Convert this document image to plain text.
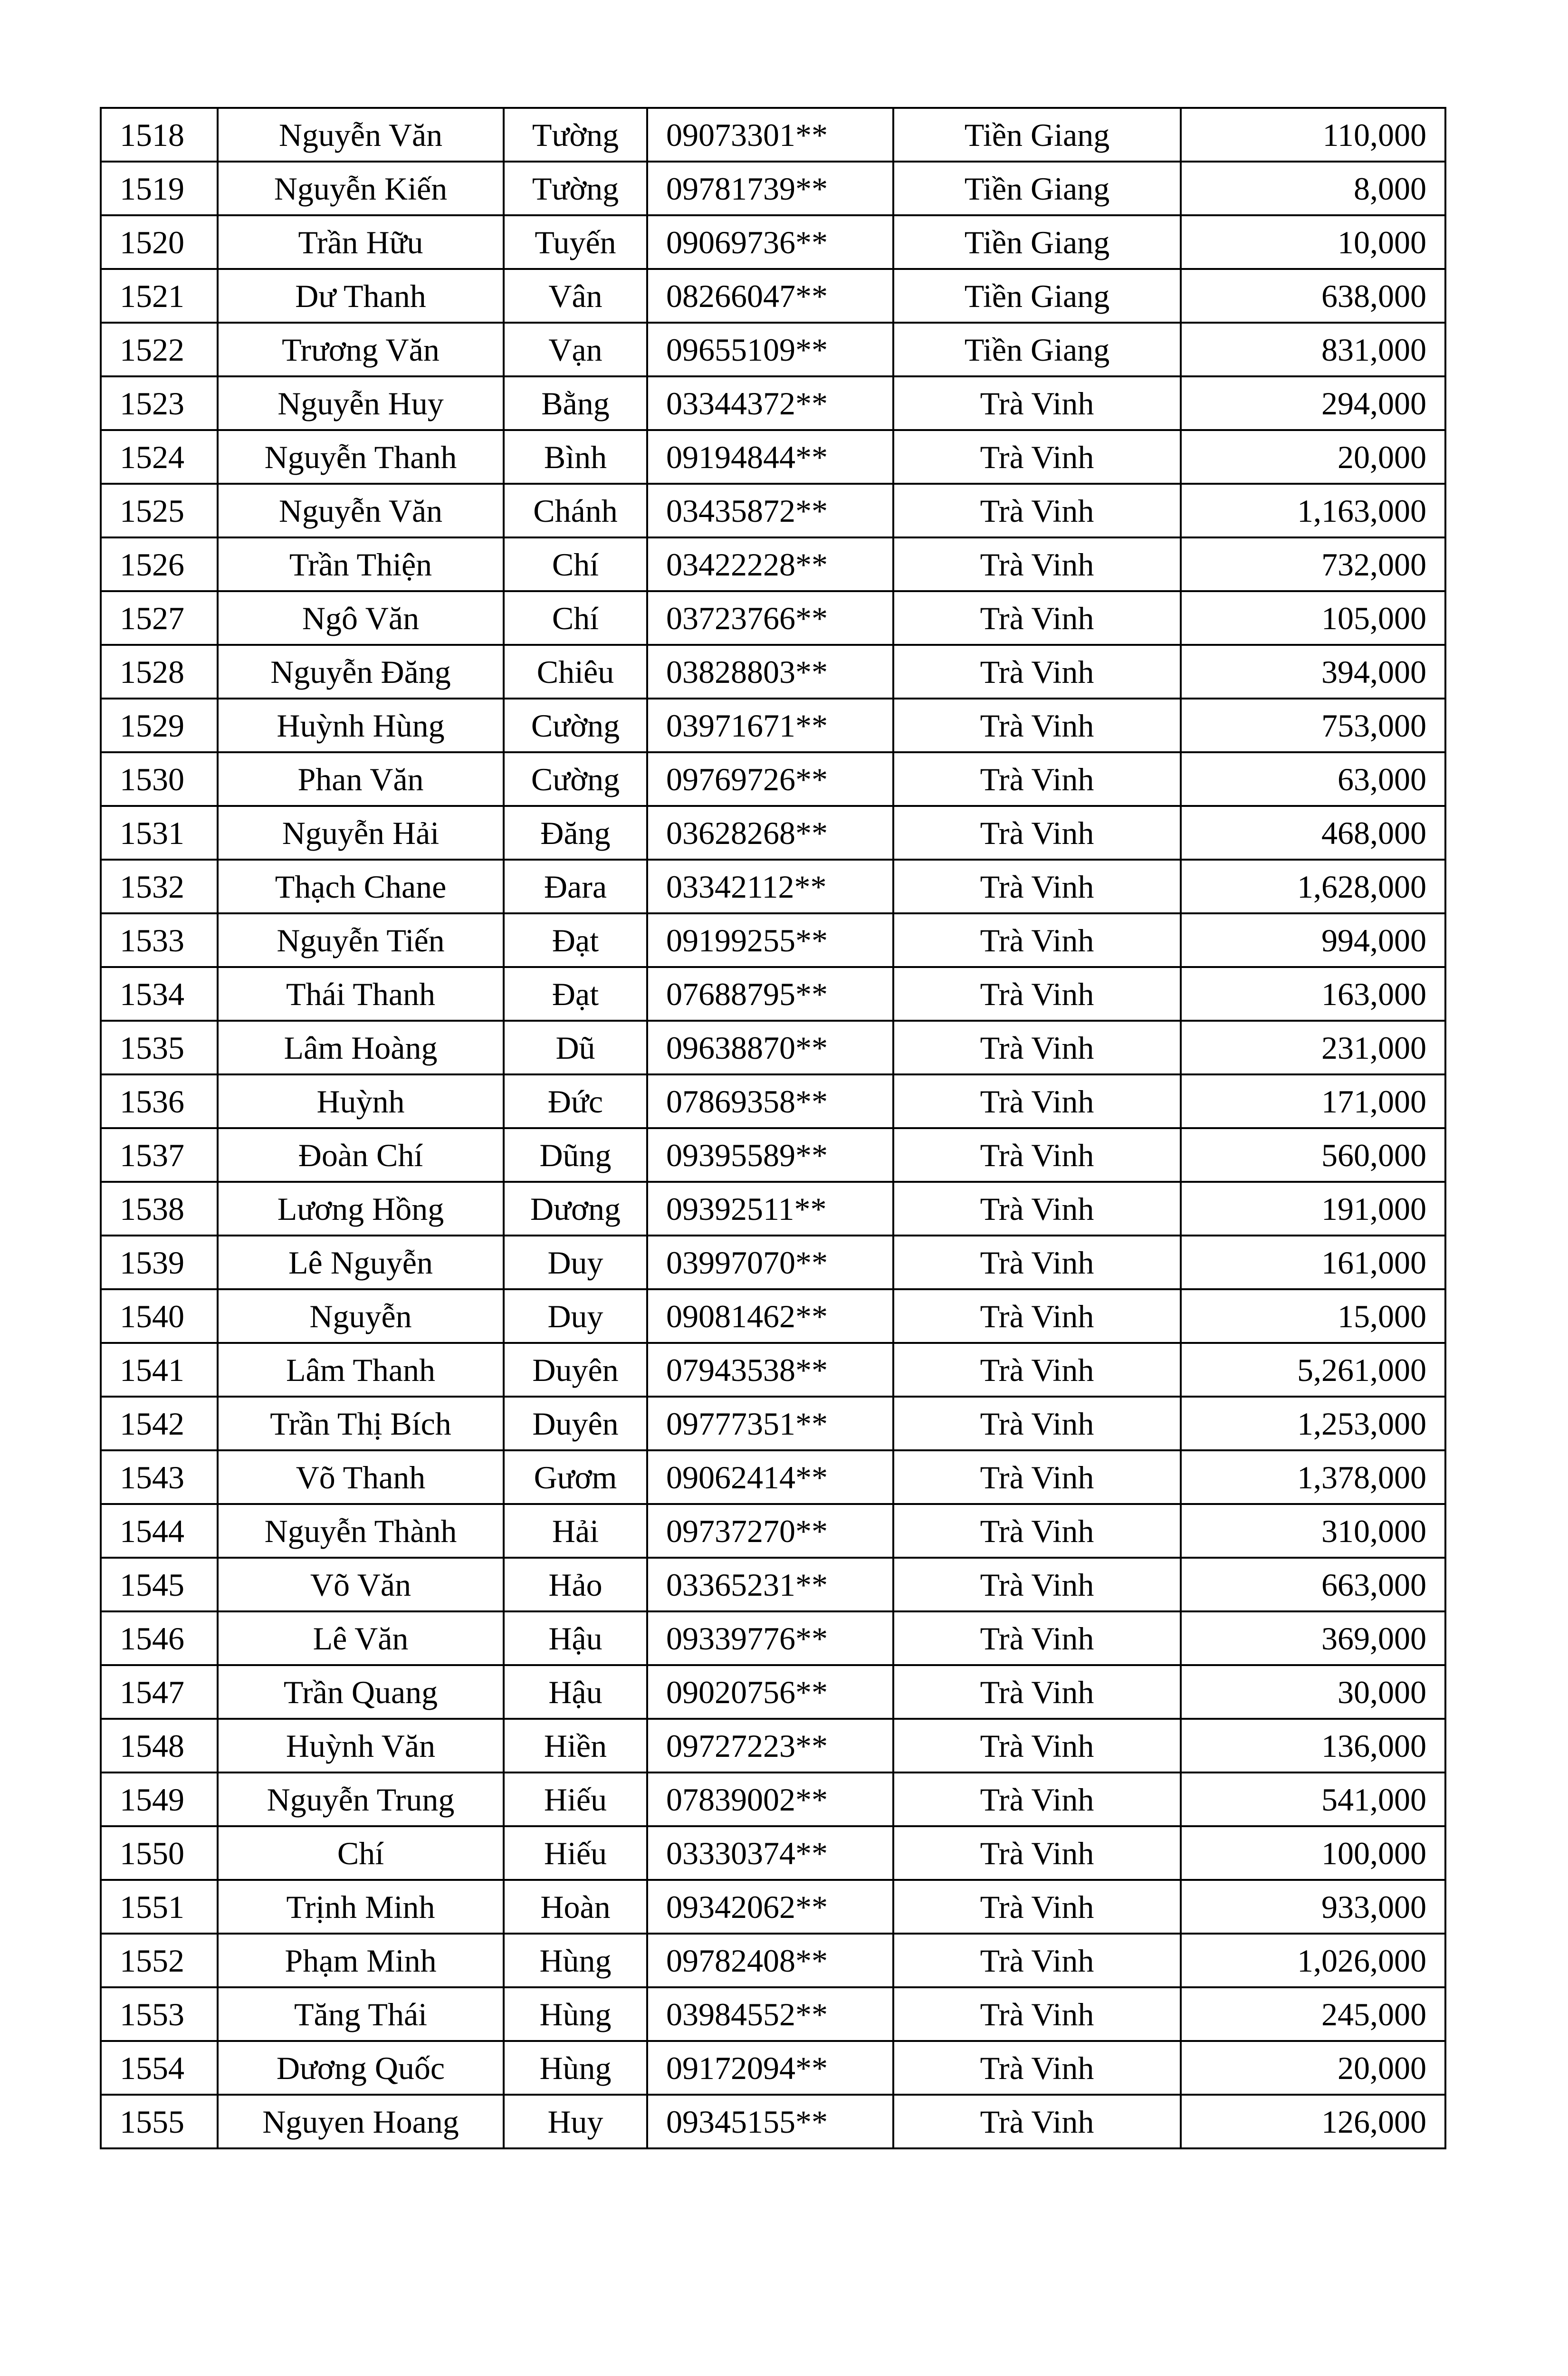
1518	Nguyễn Văn	Tường	09073301**	Tiền Giang	110,000
1519	Nguyễn Kiến	Tường	09781739**	Tiền Giang	8,000
1520	Trần Hữu	Tuyến	09069736**	Tiền Giang	10,000
1521	Dư Thanh	Vân	08266047**	Tiền Giang	638,000
1522	Trương Văn	Vạn	09655109**	Tiền Giang	831,000
1523	Nguyễn Huy	Bằng	03344372**	Trà Vinh	294,000
1524	Nguyễn Thanh	Bình	09194844**	Trà Vinh	20,000
1525	Nguyễn Văn	Chánh	03435872**	Trà Vinh	1,163,000
1526	Trần Thiện	Chí	03422228**	Trà Vinh	732,000
1527	Ngô Văn	Chí	03723766**	Trà Vinh	105,000
1528	Nguyễn Đăng	Chiêu	03828803**	Trà Vinh	394,000
1529	Huỳnh Hùng	Cường	03971671**	Trà Vinh	753,000
1530	Phan Văn	Cường	09769726**	Trà Vinh	63,000
1531	Nguyễn Hải	Đăng	03628268**	Trà Vinh	468,000
1532	Thạch Chane	Đara	03342112**	Trà Vinh	1,628,000
1533	Nguyễn Tiến	Đạt	09199255**	Trà Vinh	994,000
1534	Thái Thanh	Đạt	07688795**	Trà Vinh	163,000
1535	Lâm Hoàng	Dũ	09638870**	Trà Vinh	231,000
1536	Huỳnh	Đức	07869358**	Trà Vinh	171,000
1537	Đoàn Chí	Dũng	09395589**	Trà Vinh	560,000
1538	Lương Hồng	Dương	09392511**	Trà Vinh	191,000
1539	Lê Nguyễn	Duy	03997070**	Trà Vinh	161,000
1540	Nguyễn	Duy	09081462**	Trà Vinh	15,000
1541	Lâm Thanh	Duyên	07943538**	Trà Vinh	5,261,000
1542	Trần Thị Bích	Duyên	09777351**	Trà Vinh	1,253,000
1543	Võ Thanh	Gươm	09062414**	Trà Vinh	1,378,000
1544	Nguyễn Thành	Hải	09737270**	Trà Vinh	310,000
1545	Võ Văn	Hảo	03365231**	Trà Vinh	663,000
1546	Lê Văn	Hậu	09339776**	Trà Vinh	369,000
1547	Trần Quang	Hậu	09020756**	Trà Vinh	30,000
1548	Huỳnh Văn	Hiền	09727223**	Trà Vinh	136,000
1549	Nguyễn Trung	Hiếu	07839002**	Trà Vinh	541,000
1550	Chí	Hiếu	03330374**	Trà Vinh	100,000
1551	Trịnh Minh	Hoàn	09342062**	Trà Vinh	933,000
1552	Phạm Minh	Hùng	09782408**	Trà Vinh	1,026,000
1553	Tăng Thái	Hùng	03984552**	Trà Vinh	245,000
1554	Dương Quốc	Hùng	09172094**	Trà Vinh	20,000
1555	Nguyen Hoang	Huy	09345155**	Trà Vinh	126,000
